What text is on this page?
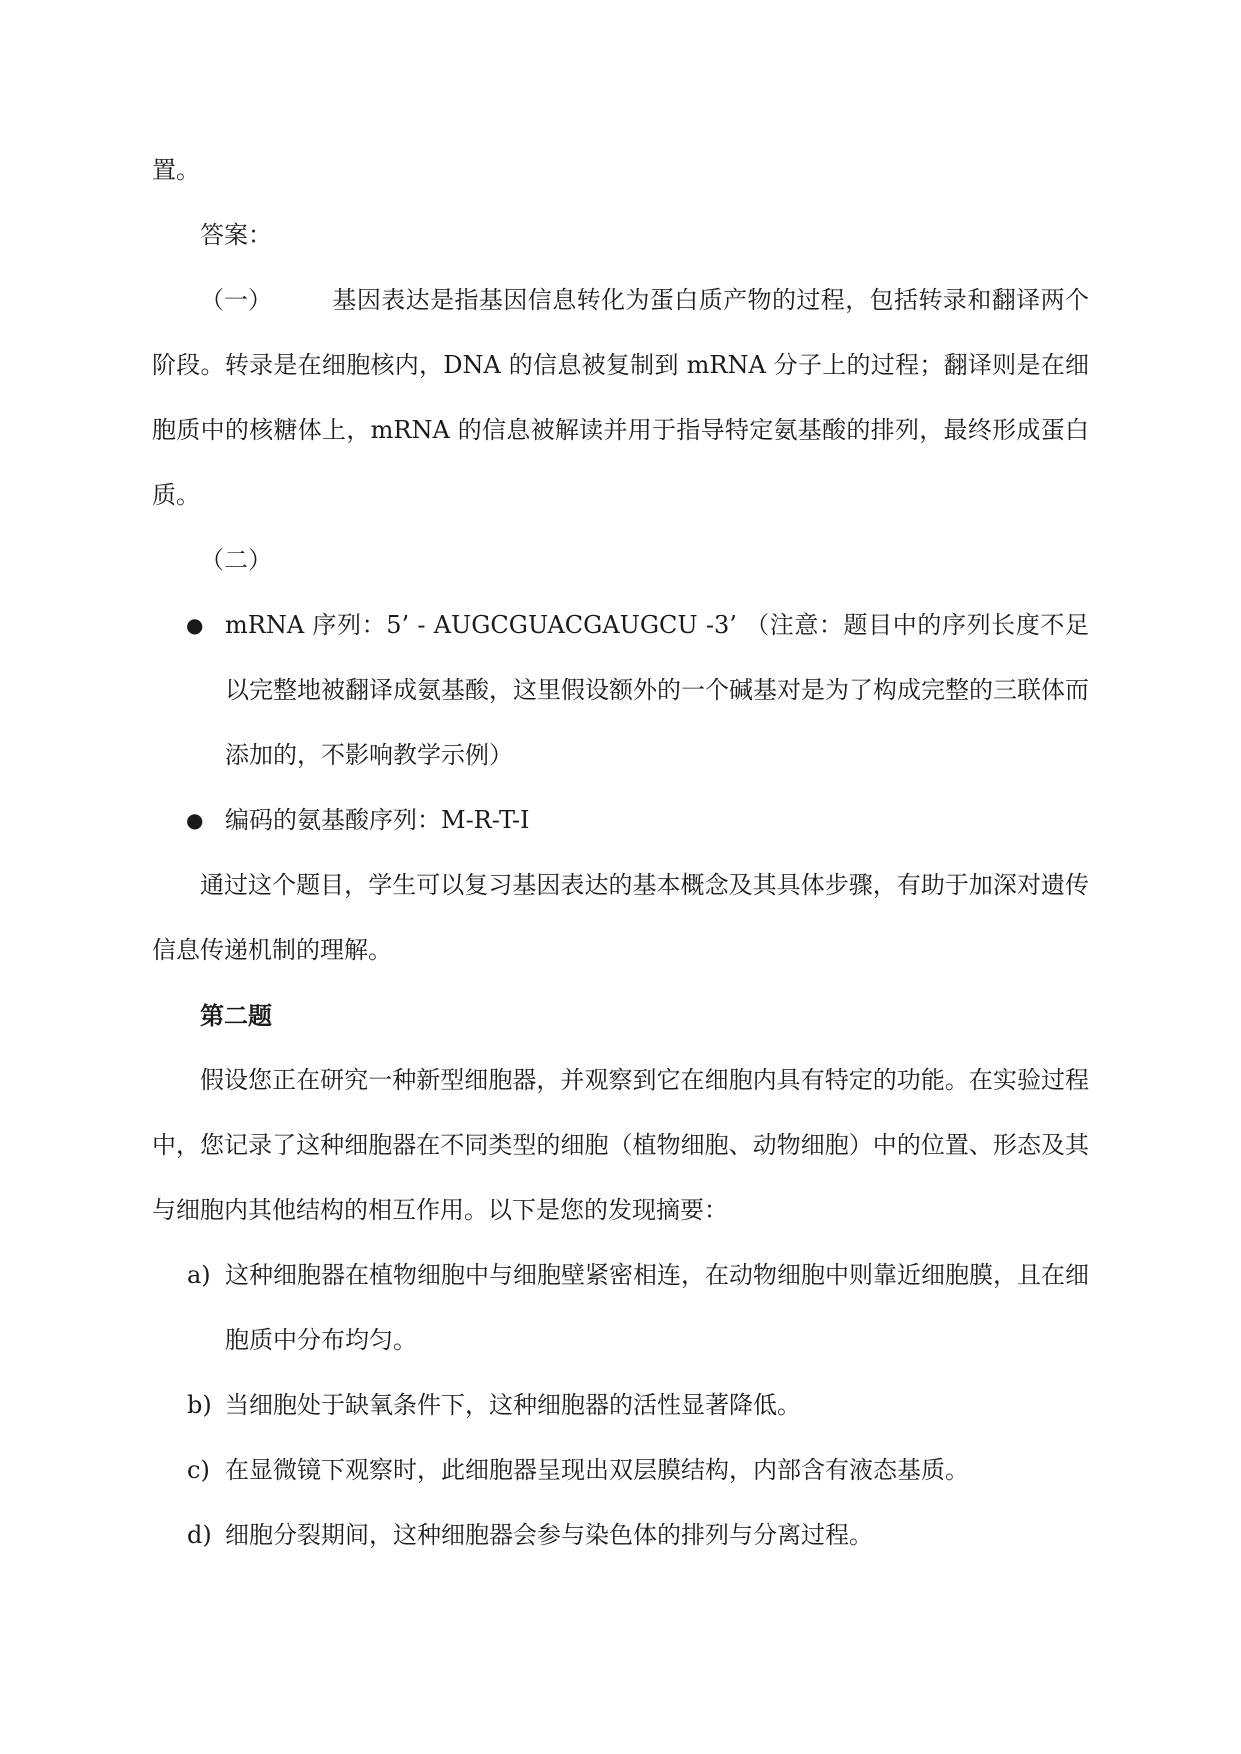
置。

答案：

（一）	基因表达是指基因信息转化为蛋白质产物的过程，包括转录和翻译两个阶段。转录是在细胞核内，DNA 的信息被复制到 mRNA 分子上的过程；翻译则是在细胞质中的核糖体上，mRNA 的信息被解读并用于指导特定氨基酸的排列，最终形成蛋白质。

（二）

● mRNA 序列：5’ - AUGCGUACGAUGCU -3’ （注意：题目中的序列长度不足以完整地被翻译成氨基酸，这里假设额外的一个碱基对是为了构成完整的三联体而添加的，不影响教学示例）
● 编码的氨基酸序列：M-R-T-I

通过这个题目，学生可以复习基因表达的基本概念及其具体步骤，有助于加深对遗传信息传递机制的理解。

第二题

假设您正在研究一种新型细胞器，并观察到它在细胞内具有特定的功能。在实验过程中，您记录了这种细胞器在不同类型的细胞（植物细胞、动物细胞）中的位置、形态及其与细胞内其他结构的相互作用。以下是您的发现摘要：

a) 这种细胞器在植物细胞中与细胞壁紧密相连，在动物细胞中则靠近细胞膜，且在细胞质中分布均匀。
b) 当细胞处于缺氧条件下，这种细胞器的活性显著降低。
c) 在显微镜下观察时，此细胞器呈现出双层膜结构，内部含有液态基质。
d) 细胞分裂期间，这种细胞器会参与染色体的排列与分离过程。
